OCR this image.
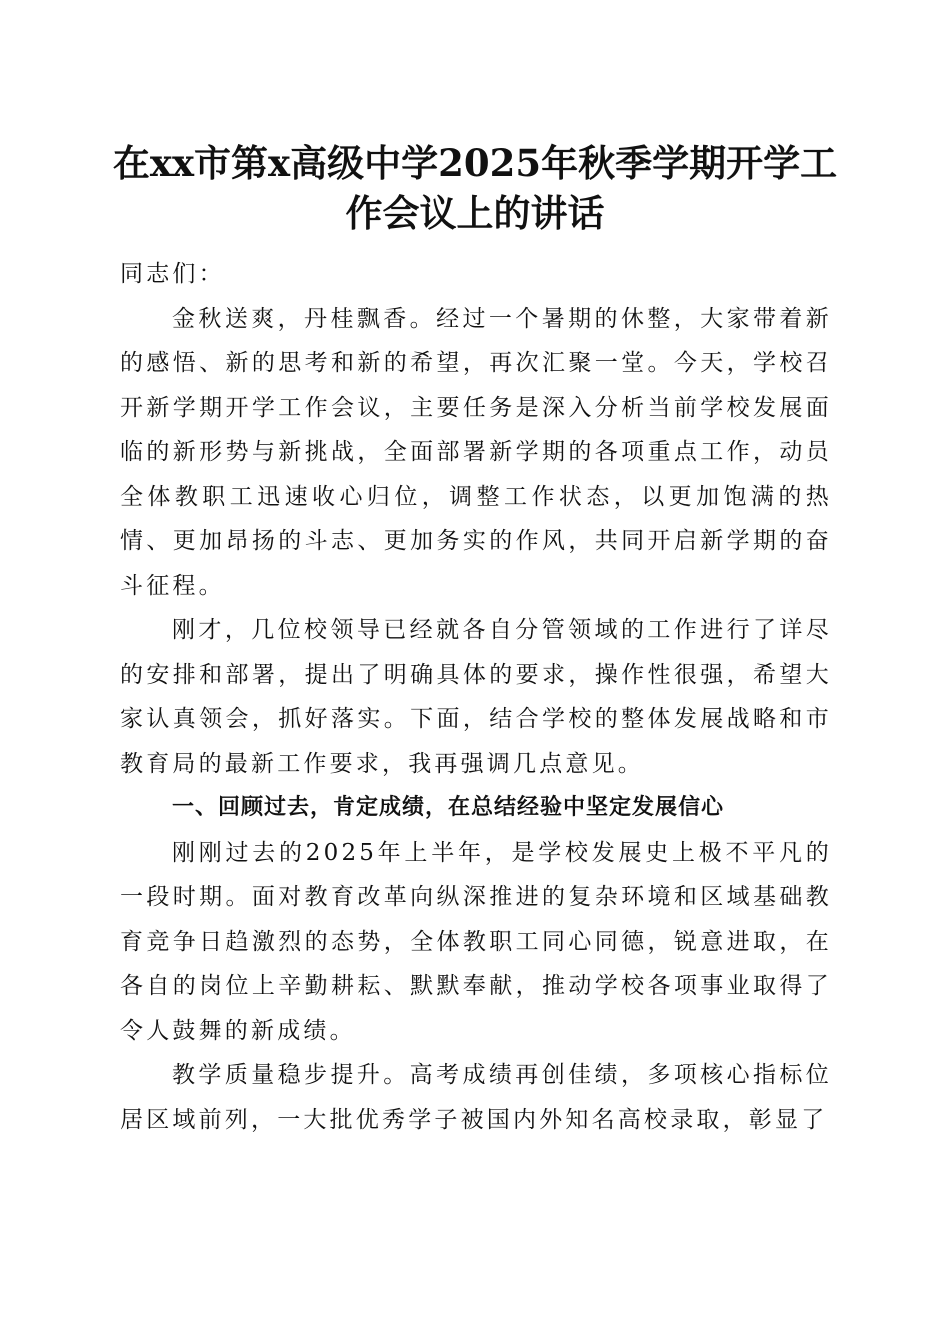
在xx市第x高级中学2025年秋季学期开学工
作会议上的讲话

同志们：

金秋送爽，丹桂飘香。经过一个暑期的休整，大家带着新的感悟、新的思考和新的希望，再次汇聚一堂。今天，学校召开新学期开学工作会议，主要任务是深入分析当前学校发展面临的新形势与新挑战，全面部署新学期的各项重点工作，动员全体教职工迅速收心归位，调整工作状态，以更加饱满的热情、更加昂扬的斗志、更加务实的作风，共同开启新学期的奋斗征程。

刚才，几位校领导已经就各自分管领域的工作进行了详尽的安排和部署，提出了明确具体的要求，操作性很强，希望大家认真领会，抓好落实。下面，结合学校的整体发展战略和市教育局的最新工作要求，我再强调几点意见。

一、回顾过去，肯定成绩，在总结经验中坚定发展信心

刚刚过去的2025年上半年，是学校发展史上极不平凡的一段时期。面对教育改革向纵深推进的复杂环境和区域基础教育竞争日趋激烈的态势，全体教职工同心同德，锐意进取，在各自的岗位上辛勤耕耘、默默奉献，推动学校各项事业取得了令人鼓舞的新成绩。

教学质量稳步提升。高考成绩再创佳绩，多项核心指标位居区域前列，一大批优秀学子被国内外知名高校录取，彰显了
